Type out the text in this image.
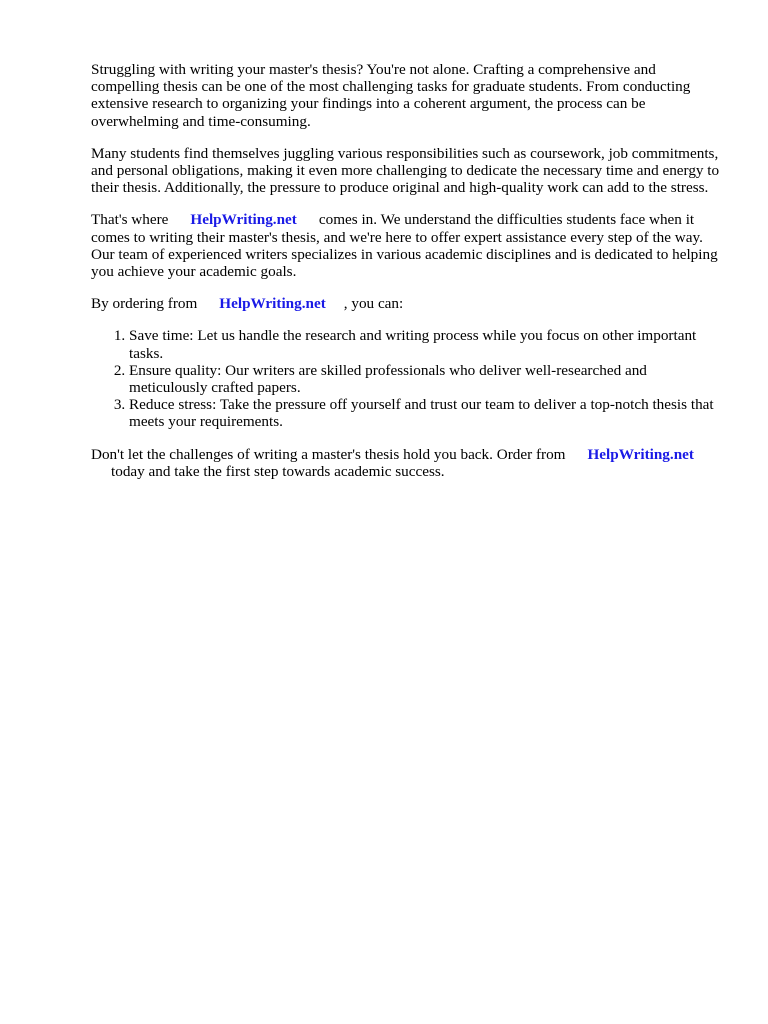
Struggling with writing your master's thesis? You're not alone. Crafting a comprehensive and compelling thesis can be one of the most challenging tasks for graduate students. From conducting extensive research to organizing your findings into a coherent argument, the process can be overwhelming and time-consuming.

Many students find themselves juggling various responsibilities such as coursework, job commitments, and personal obligations, making it even more challenging to dedicate the necessary time and energy to their thesis. Additionally, the pressure to produce original and high-quality work can add to the stress.

That's where HelpWriting.net comes in. We understand the difficulties students face when it comes to writing their master's thesis, and we're here to offer expert assistance every step of the way. Our team of experienced writers specializes in various academic disciplines and is dedicated to helping you achieve your academic goals.

By ordering from HelpWriting.net , you can:

1. Save time: Let us handle the research and writing process while you focus on other important tasks.
2. Ensure quality: Our writers are skilled professionals who deliver well-researched and meticulously crafted papers.
3. Reduce stress: Take the pressure off yourself and trust our team to deliver a top-notch thesis that meets your requirements.

Don't let the challenges of writing a master's thesis hold you back. Order from HelpWriting.net
today and take the first step towards academic success.
